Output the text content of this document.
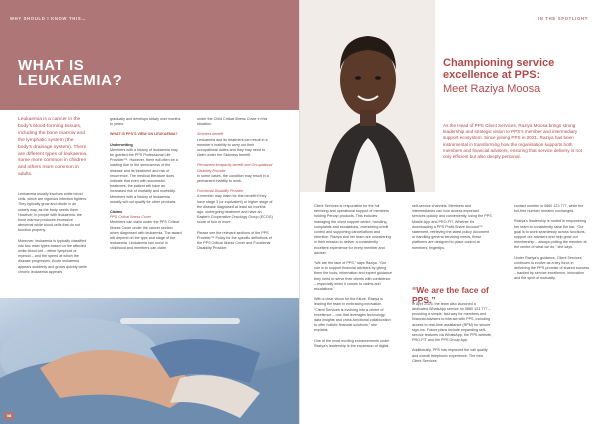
WHY SHOULD I KNOW THIS…
WHAT IS
LEUKAEMIA?
Leukaemia is a cancer in the body’s blood-forming tissues, including the bone marrow and the lymphatic system (the body’s drainage system). There are different types of leukaemia, some more common in children and others more common in adults.

Leukaemia usually involves white blood cells, which are vigorous infection fighters. They typically grow and divide in an orderly way, as the body needs them. However, in people with leukaemia, the bone marrow produces excessive abnormal white blood cells that do not function properly.

Moreover, leukaemia is typically classified into two main types based on the affected white blood cell – either lymphoid or myeloid – and the speed at which the disease progresses. Acute leukaemia appears suddenly and grows quickly while chronic leukaemia appears

gradually and develops slowly over months to years.

WHAT IS PPS’S VIEW ON LEUKAEMIA?

Underwriting

Members with a history of leukaemia may be granted the PPS Professional Life Provider™. However, there will often be a loading due to the seriousness of the disease and its treatment and risk of recurrence. The medical literature does indicate that even with successful treatment, the patient will have an increased risk of mortality and morbidity. Members with a history of leukaemia usually will not qualify for other products.

Claims
PPS Critical Illness Cover

Members can claim under the PPS Critical Illness Cover under the cancer section when diagnosed with leukaemia. The award will depend on the type and stage of the leukaemia. Leukaemia can occur in childhood and members can claim

under the Child Critical Illness Cover in this situation.

Sickness benefit

Leukaemia and its treatment can result in a member’s inability to carry out their occupational duties and they may need to claim under the Sickness benefit.

Permanent incapacity benefit and Occupational Disability Provider

In some cases, the condition may result in a permanent inability to work.

Functional Disability Provider

A member may claim for this benefit if they have stage 3 (or equivalent) or higher stage of the disease diagnosed at least six months ago, undergoing treatment and have an Eastern Cooperative Oncology Group (ECOG) score of two or more.

Please see the relevant sections of the PPS Provider™ Policy for the specific definitions of the PPS Critical Illness Cover and Functional Disability Provider.

08
IN THE SPOTLIGHT
Championing service excellence at PPS:
Meet Raziya Moosa
As the Head of PPS Client Services, Raziya Moosa brings strong leadership and strategic vision to PPS’s member and intermediary support ecosystem. Since joining PPS in 2021, Raziya has been instrumental in transforming how the organisation supports both members and financial advisers, ensuring that service delivery is not only efficient but also deeply personal.

Client Services is responsible for the full servicing and operational support of members holding Percap products. This includes managing the client support centre, handling complaints and escalations, overseeing credit control and supporting cancellations and retention. Raziya and her team are unwavering in their mission to deliver a consistently excellent experience for every member and adviser.

“We are the face of PPS,” says Raziya. “Our role is to support financial advisers by giving them the tools, information and expert guidance they need to serve their clients with confidence – especially when it comes to claims and escalations.”

With a clear vision for the future, Raziya is leading the team in embracing innovation. “Client Services is evolving into a centre of excellence – one that leverages technology, data insights and cross-functional collaboration to offer holistic financial solutions,” she explains.

One of the most exciting enhancements under Raziya’s leadership is the expansion of digital

self-service channels. Members and intermediaries can now access important services quickly and conveniently, using the PPS Mobile App and PRO-FIT. Whether it’s downloading a PPS Profit-Share Account™ statement, retrieving the latest policy document or handling general servicing needs, these platforms are designed to place control at members’ fingertips.

In April 2025, the team also launched a dedicated WhatsApp service on 0860 123 777 – providing a simple, fast way for members and financial advisers to interact with PPS, including access to real-time assistance (RPM) for secure sign-ins. Future plans include expanding self-service features via WhatsApp, the PPS website, PRO-FIT and the PPS Group App.

Additionally, PPS has improved the call quality and overall telephonic experience. The new Client Services

“We are the face of PPS.”

contact number is 0860 123 777, while the toll-free number remains unchanged.

Raziya’s leadership is rooted in empowering her team to consistently raise the bar. “Our goal is to work seamlessly across functions, support our advisers and help grow our membership – always putting the member at the centre of what we do,” she says.

Under Raziya’s guidance, Client Services continues to evolve as a key force in delivering the PPS promise of shared success – backed by service excellence, innovation and the spirit of mutuality.
